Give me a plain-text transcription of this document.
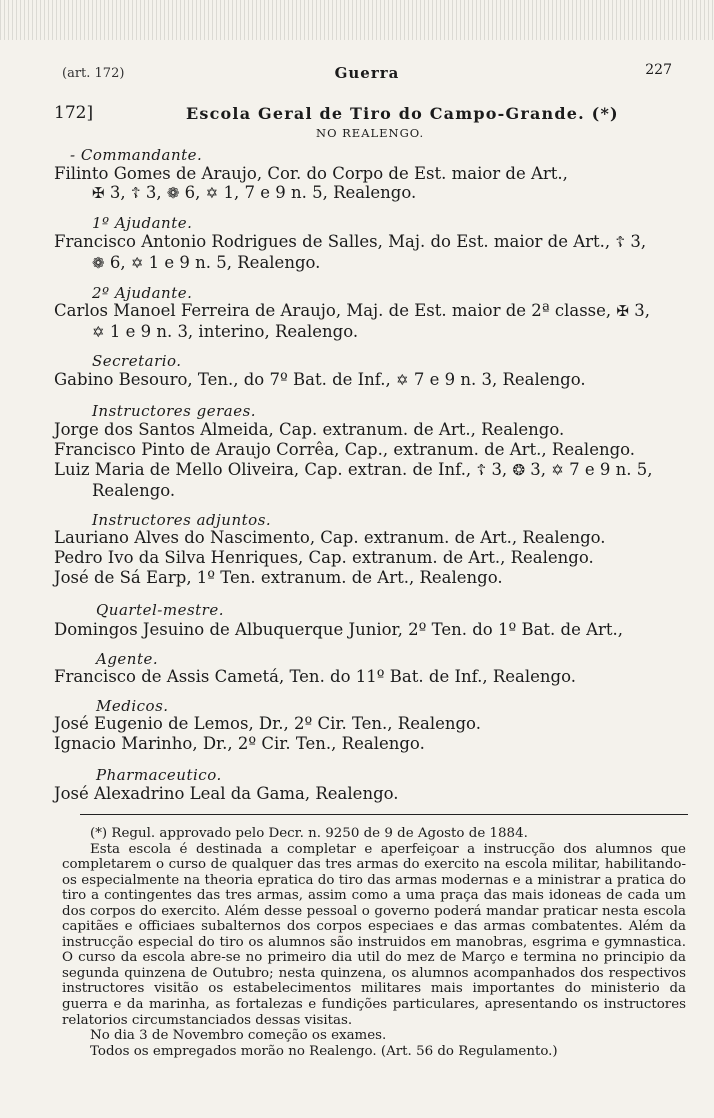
(art. 172)	Guerra	227
172]	Escola Geral de Tiro do Campo-Grande. (*)
NO REALENGO.
- Commandante.
Filinto Gomes de Araujo, Cor. do Corpo de Est. maior de Art.,
✠ 3, ☦ 3, ❁ 6, ✡ 1, 7 e 9 n. 5, Realengo.
1º Ajudante.
Francisco Antonio Rodrigues de Salles, Maj. do Est. maior de Art., ☦ 3,
❁ 6, ✡ 1 e 9 n. 5, Realengo.
2º Ajudante.
Carlos Manoel Ferreira de Araujo, Maj. de Est. maior de 2ª classe, ✠ 3,
✡ 1 e 9 n. 3, interino, Realengo.
Secretario.
Gabino Besouro, Ten., do 7º Bat. de Inf., ✡ 7 e 9 n. 3, Realengo.
Instructores geraes.
Jorge dos Santos Almeida, Cap. extranum. de Art., Realengo.
Francisco Pinto de Araujo Corrêa, Cap., extranum. de Art., Realengo.
Luiz Maria de Mello Oliveira, Cap. extran. de Inf., ☦ 3, ❂ 3, ✡ 7 e 9 n. 5,
Realengo.
Instructores adjuntos.
Lauriano Alves do Nascimento, Cap. extranum. de Art., Realengo.
Pedro Ivo da Silva Henriques, Cap. extranum. de Art., Realengo.
José de Sá Earp, 1º Ten. extranum. de Art., Realengo.
Quartel-mestre.
Domingos Jesuino de Albuquerque Junior, 2º Ten. do 1º Bat. de Art.,
Agente.
Francisco de Assis Cametá, Ten. do 11º Bat. de Inf., Realengo.
Medicos.
José Eugenio de Lemos, Dr., 2º Cir. Ten., Realengo.
Ignacio Marinho, Dr., 2º Cir. Ten., Realengo.
Pharmaceutico.
José Alexadrino Leal da Gama, Realengo.

(*) Regul. approvado pelo Decr. n. 9250 de 9 de Agosto de 1884.

Esta escola é destinada a completar e aperfeiçoar a instrucção dos alumnos que completarem o curso de qualquer das tres armas do exercito na escola militar, habilitando-os especialmente na theoria epratica do tiro das armas modernas e a ministrar a pratica do tiro a contingentes das tres armas, assim como a uma praça das mais idoneas de cada um dos corpos do exercito. Além desse pessoal o governo poderá mandar praticar nesta escola capitães e officiaes subalternos dos corpos especiaes e das armas combatentes. Além da instrucção especial do tiro os alumnos são instruidos em manobras, esgrima e gymnastica. O curso da escola abre-se no primeiro dia util do mez de Março e termina no principio da segunda quinzena de Outubro; nesta quinzena, os alumnos acompanhados dos respectivos instructores visitão os estabelecimentos militares mais importantes do ministerio da guerra e da marinha, as fortalezas e fundições particulares, apresentando os instructores relatorios circumstanciados dessas visitas.

No dia 3 de Novembro começão os exames.

Todos os empregados morão no Realengo. (Art. 56 do Regulamento.)
